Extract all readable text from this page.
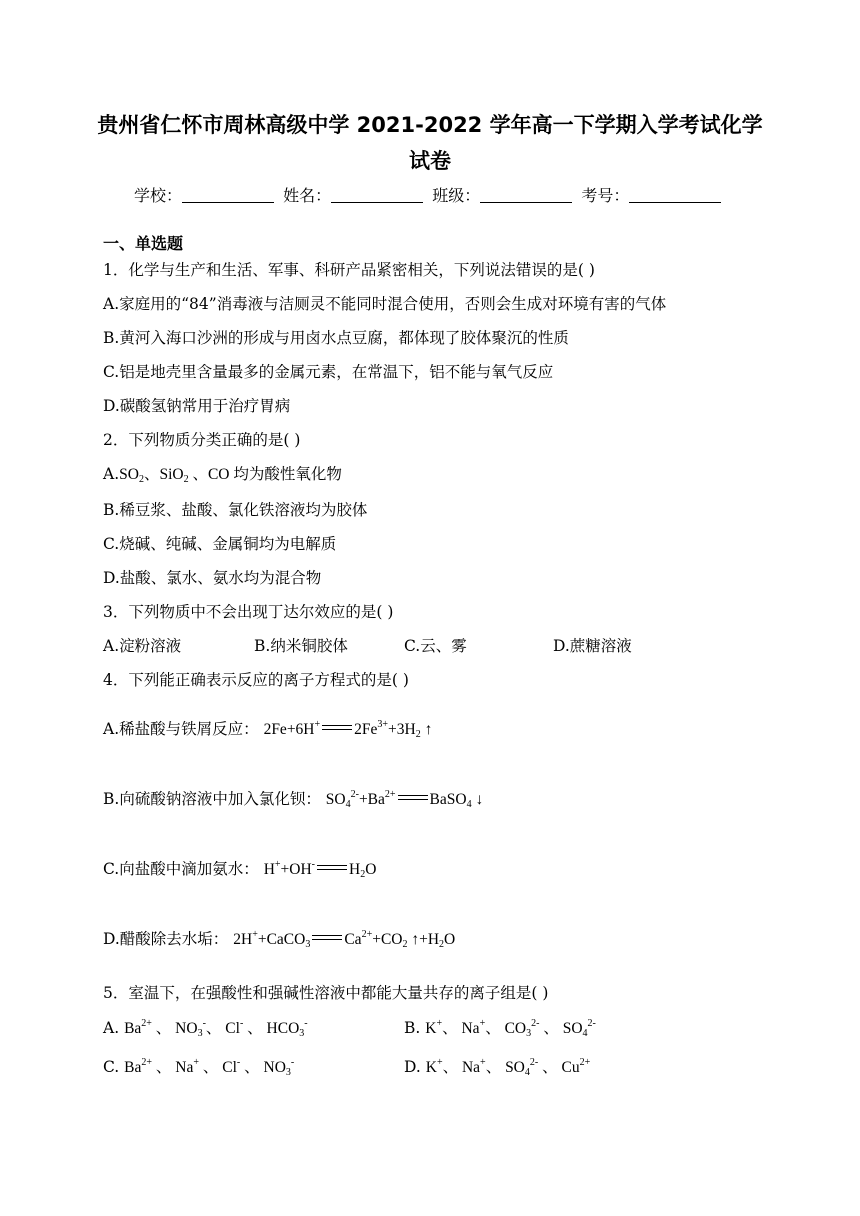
贵州省仁怀市周林高级中学 2021-2022 学年高一下学期入学考试化学
试卷
学校：	姓名：	班级：	考号：
一、单选题
1．化学与生产和生活、军事、科研产品紧密相关，下列说法错误的是( )
A.家庭用的“84”消毒液与洁厕灵不能同时混合使用，否则会生成对环境有害的气体
B.黄河入海口沙洲的形成与用卤水点豆腐，都体现了胶体聚沉的性质
C.铝是地壳里含量最多的金属元素，在常温下，铝不能与氧气反应
D.碳酸氢钠常用于治疗胃病
2．下列物质分类正确的是( )
$A.SO_2$、SiO$_2$ 、CO 均为酸性氧化物
B.稀豆浆、盐酸、氯化铁溶液均为胶体
C.烧碱、纯碱、金属铜均为电解质
D.盐酸、氯水、氨水均为混合物
3．下列物质中不会出现丁达尔效应的是( )
A.淀粉溶液	B.纳米铜胶体	C.云、雾	D.蔗糖溶液
4．下列能正确表示反应的离子方程式的是( )
A.稀盐酸与铁屑反应： 2Fe+6H+ $2Fe^{3+}+3H_2$ ↑
B.向硫酸钠溶液中加入氯化钡： $SO_4^{2-}+Ba^{2+}$ BaSO$_4$ ↓
C.向盐酸中滴加氨水： H++OH- $H_2O$
D.醋酸除去水垢： 2H++CaCO$_3$ $Ca^{2+}+CO_2$ $↑+H_2O$
5．室温下，在强酸性和强碱性溶液中都能大量共存的离子组是( )
A. $Ba^{2+}$ 、 $NO_3^-$、 Cl- 、 $HCO_3^-$	B. K+、 Na+、 $CO_3^{2-}$ 、 $SO_4^{2-}$
C. $Ba^{2+}$ 、 Na+ 、 Cl- 、 $NO_3^-$	D. K+、 Na+、 $SO_4^{2-}$ 、 $Cu^{2+}$
